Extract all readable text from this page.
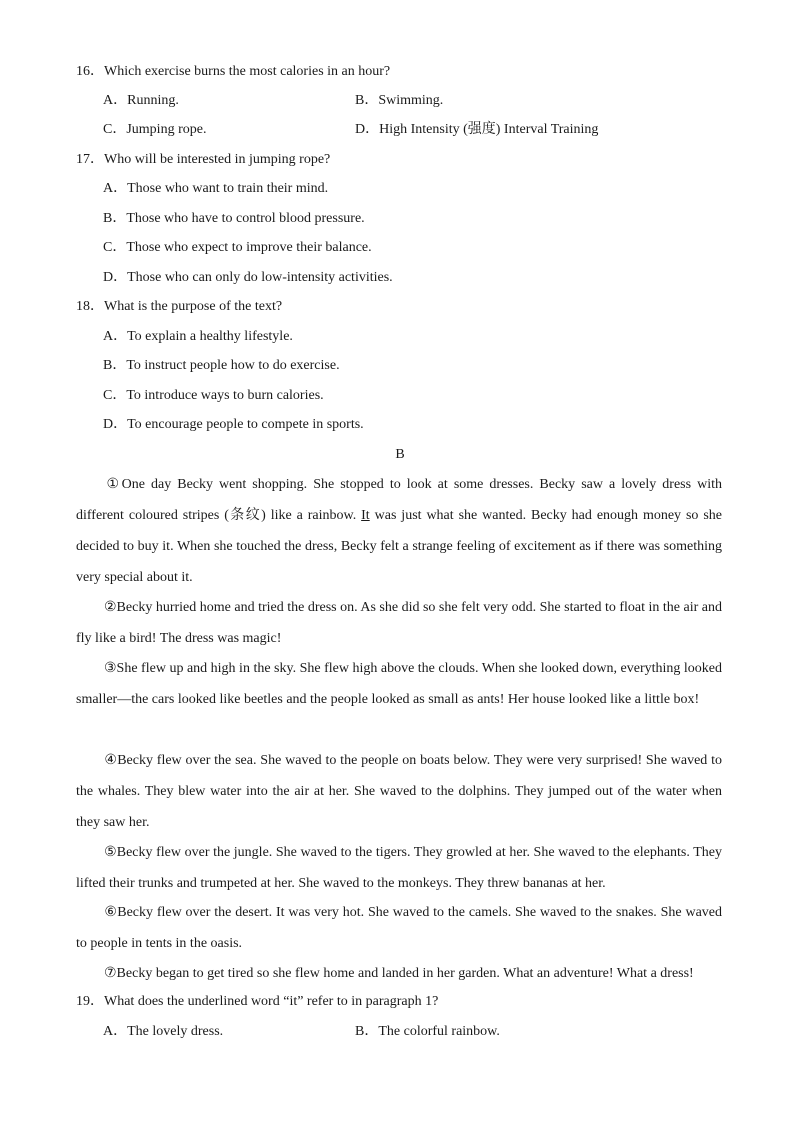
16．Which exercise burns the most calories in an hour?
A．Running.	B．Swimming.
C．Jumping rope.	D．High Intensity (强度) Interval Training
17．Who will be interested in jumping rope?
A．Those who want to train their mind.
B．Those who have to control blood pressure.
C．Those who expect to improve their balance.
D．Those who can only do low-intensity activities.
18．What is the purpose of the text?
A．To explain a healthy lifestyle.
B．To instruct people how to do exercise.
C．To introduce ways to burn calories.
D．To encourage people to compete in sports.
B
①One day Becky went shopping. She stopped to look at some dresses. Becky saw a lovely dress with different coloured stripes (条纹) like a rainbow. It was just what she wanted. Becky had enough money so she decided to buy it. When she touched the dress, Becky felt a strange feeling of excitement as if there was something very special about it.
②Becky hurried home and tried the dress on. As she did so she felt very odd. She started to float in the air and fly like a bird! The dress was magic!
③She flew up and high in the sky. She flew high above the clouds. When she looked down, everything looked smaller—the cars looked like beetles and the people looked as small as ants! Her house looked like a little box!
④Becky flew over the sea. She waved to the people on boats below. They were very surprised! She waved to the whales. They blew water into the air at her. She waved to the dolphins. They jumped out of the water when they saw her.
⑤Becky flew over the jungle. She waved to the tigers. They growled at her. She waved to the elephants. They lifted their trunks and trumpeted at her. She waved to the monkeys. They threw bananas at her.
⑥Becky flew over the desert. It was very hot. She waved to the camels. She waved to the snakes. She waved to people in tents in the oasis.
⑦Becky began to get tired so she flew home and landed in her garden. What an adventure! What a dress!
19．What does the underlined word “it” refer to in paragraph 1?
A．The lovely dress.	B．The colorful rainbow.
